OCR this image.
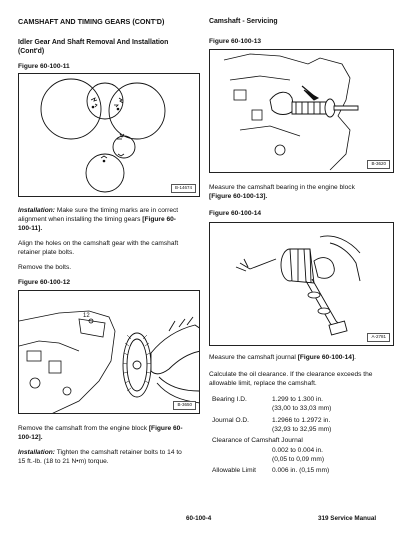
CAMSHAFT AND TIMING GEARS (CONT'D)
Idler Gear And Shaft Removal And Installation
(Cont'd)
Figure 60-100-11
B-14674
Installation: Make sure the timing marks are in correct
alignment when installing the timing gears [Figure 60-
100-11].
Align the holes on the camshaft gear with the camshaft
retainer plate bolts.
Remove the bolts.
Figure 60-100-12
12
B-3650
Remove the camshaft from the engine block [Figure 60-
100-12].
Installation: Tighten the camshaft retainer bolts to 14 to
15 ft.-lb. (18 to 21 N•m) torque.
Camshaft - Servicing
Figure 60-100-13
B-3620
Measure the camshaft bearing in the engine block
[Figure 60-100-13].
Figure 60-100-14
A-2781
Measure the camshaft journal [Figure 60-100-14].
Calculate the oil clearance. If the clearance exceeds the
allowable limit, replace the camshaft.
Bearing I.D.	1.299 to 1.300 in.
(33,00 to 33,03 mm)
Journal O.D.	1.2966 to 1.2972 in.
(32,93 to 32,95 mm)
Clearance of Camshaft Journal
0.002 to 0.004 in.
(0,05 to 0,09 mm)
Allowable Limit 0.006 in. (0,15 mm)
60-100-4	319 Service Manual
